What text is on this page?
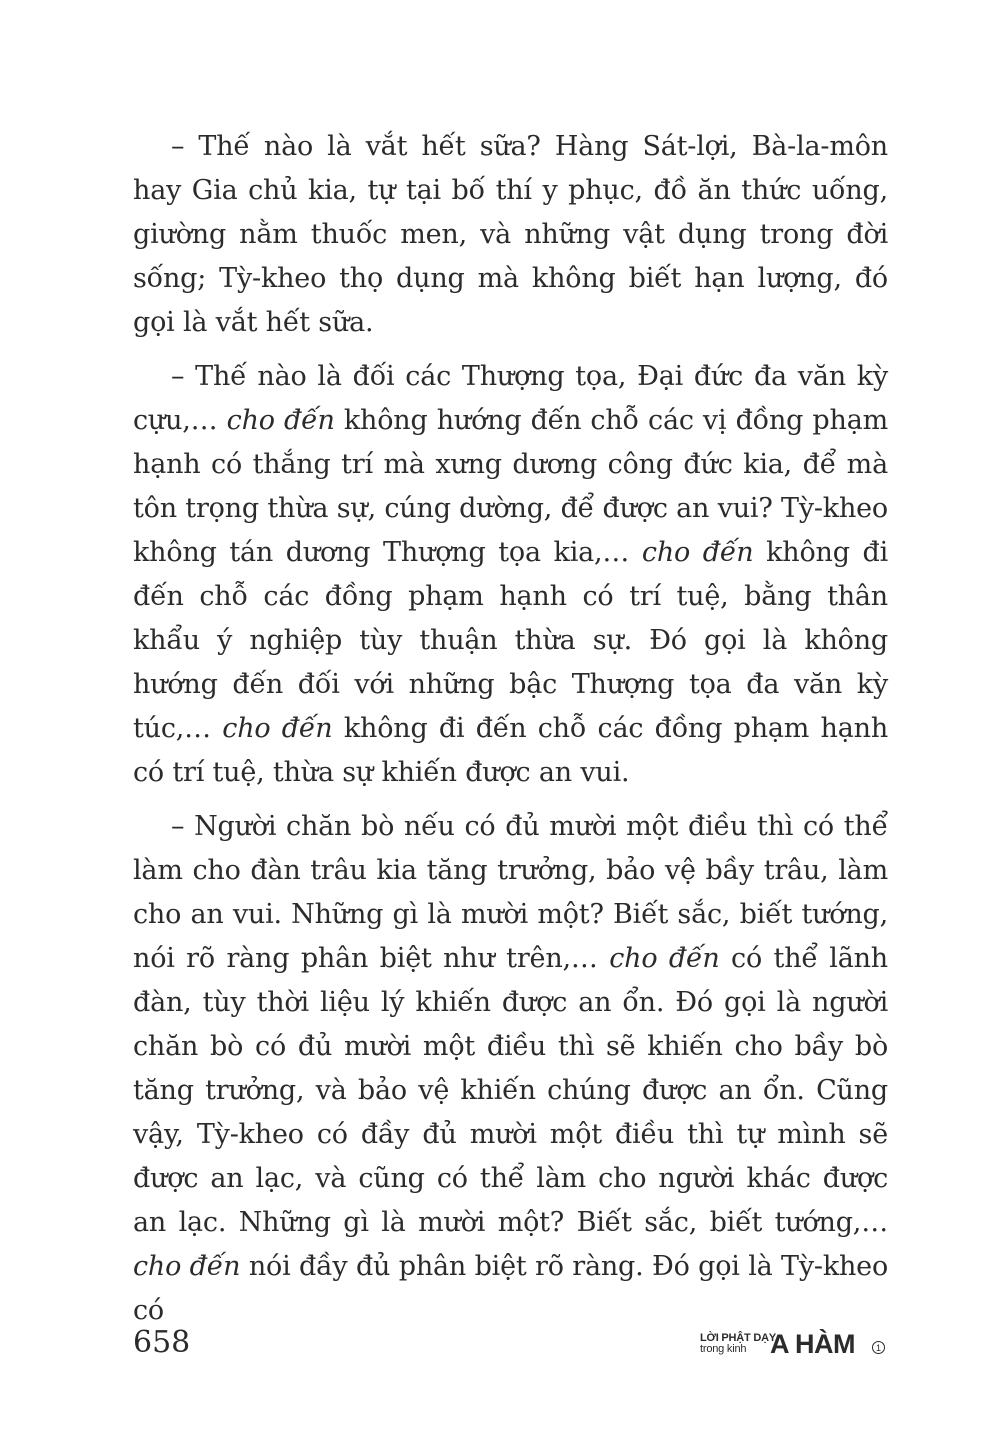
– Thế nào là vắt hết sữa? Hàng Sát-lợi, Bà-la-môn hay Gia chủ kia, tự tại bố thí y phục, đồ ăn thức uống, giường nằm thuốc men, và những vật dụng trong đời sống; Tỳ-kheo thọ dụng mà không biết hạn lượng, đó gọi là vắt hết sữa.

– Thế nào là đối các Thượng tọa, Đại đức đa văn kỳ cựu,… cho đến không hướng đến chỗ các vị đồng phạm hạnh có thắng trí mà xưng dương công đức kia, để mà tôn trọng thừa sự, cúng dường, để được an vui? Tỳ-kheo không tán dương Thượng tọa kia,… cho đến không đi đến chỗ các đồng phạm hạnh có trí tuệ, bằng thân khẩu ý nghiệp tùy thuận thừa sự. Đó gọi là không hướng đến đối với những bậc Thượng tọa đa văn kỳ túc,… cho đến không đi đến chỗ các đồng phạm hạnh có trí tuệ, thừa sự khiến được an vui.

– Người chăn bò nếu có đủ mười một điều thì có thể làm cho đàn trâu kia tăng trưởng, bảo vệ bầy trâu, làm cho an vui. Những gì là mười một? Biết sắc, biết tướng, nói rõ ràng phân biệt như trên,… cho đến có thể lãnh đàn, tùy thời liệu lý khiến được an ổn. Đó gọi là người chăn bò có đủ mười một điều thì sẽ khiến cho bầy bò tăng trưởng, và bảo vệ khiến chúng được an ổn. Cũng vậy, Tỳ-kheo có đầy đủ mười một điều thì tự mình sẽ được an lạc, và cũng có thể làm cho người khác được an lạc. Những gì là mười một? Biết sắc, biết tướng,… cho đến nói đầy đủ phân biệt rõ ràng. Đó gọi là Tỳ-kheo có

658	LỜI PHẬT DẠY
trong kinh A HÀM	1
